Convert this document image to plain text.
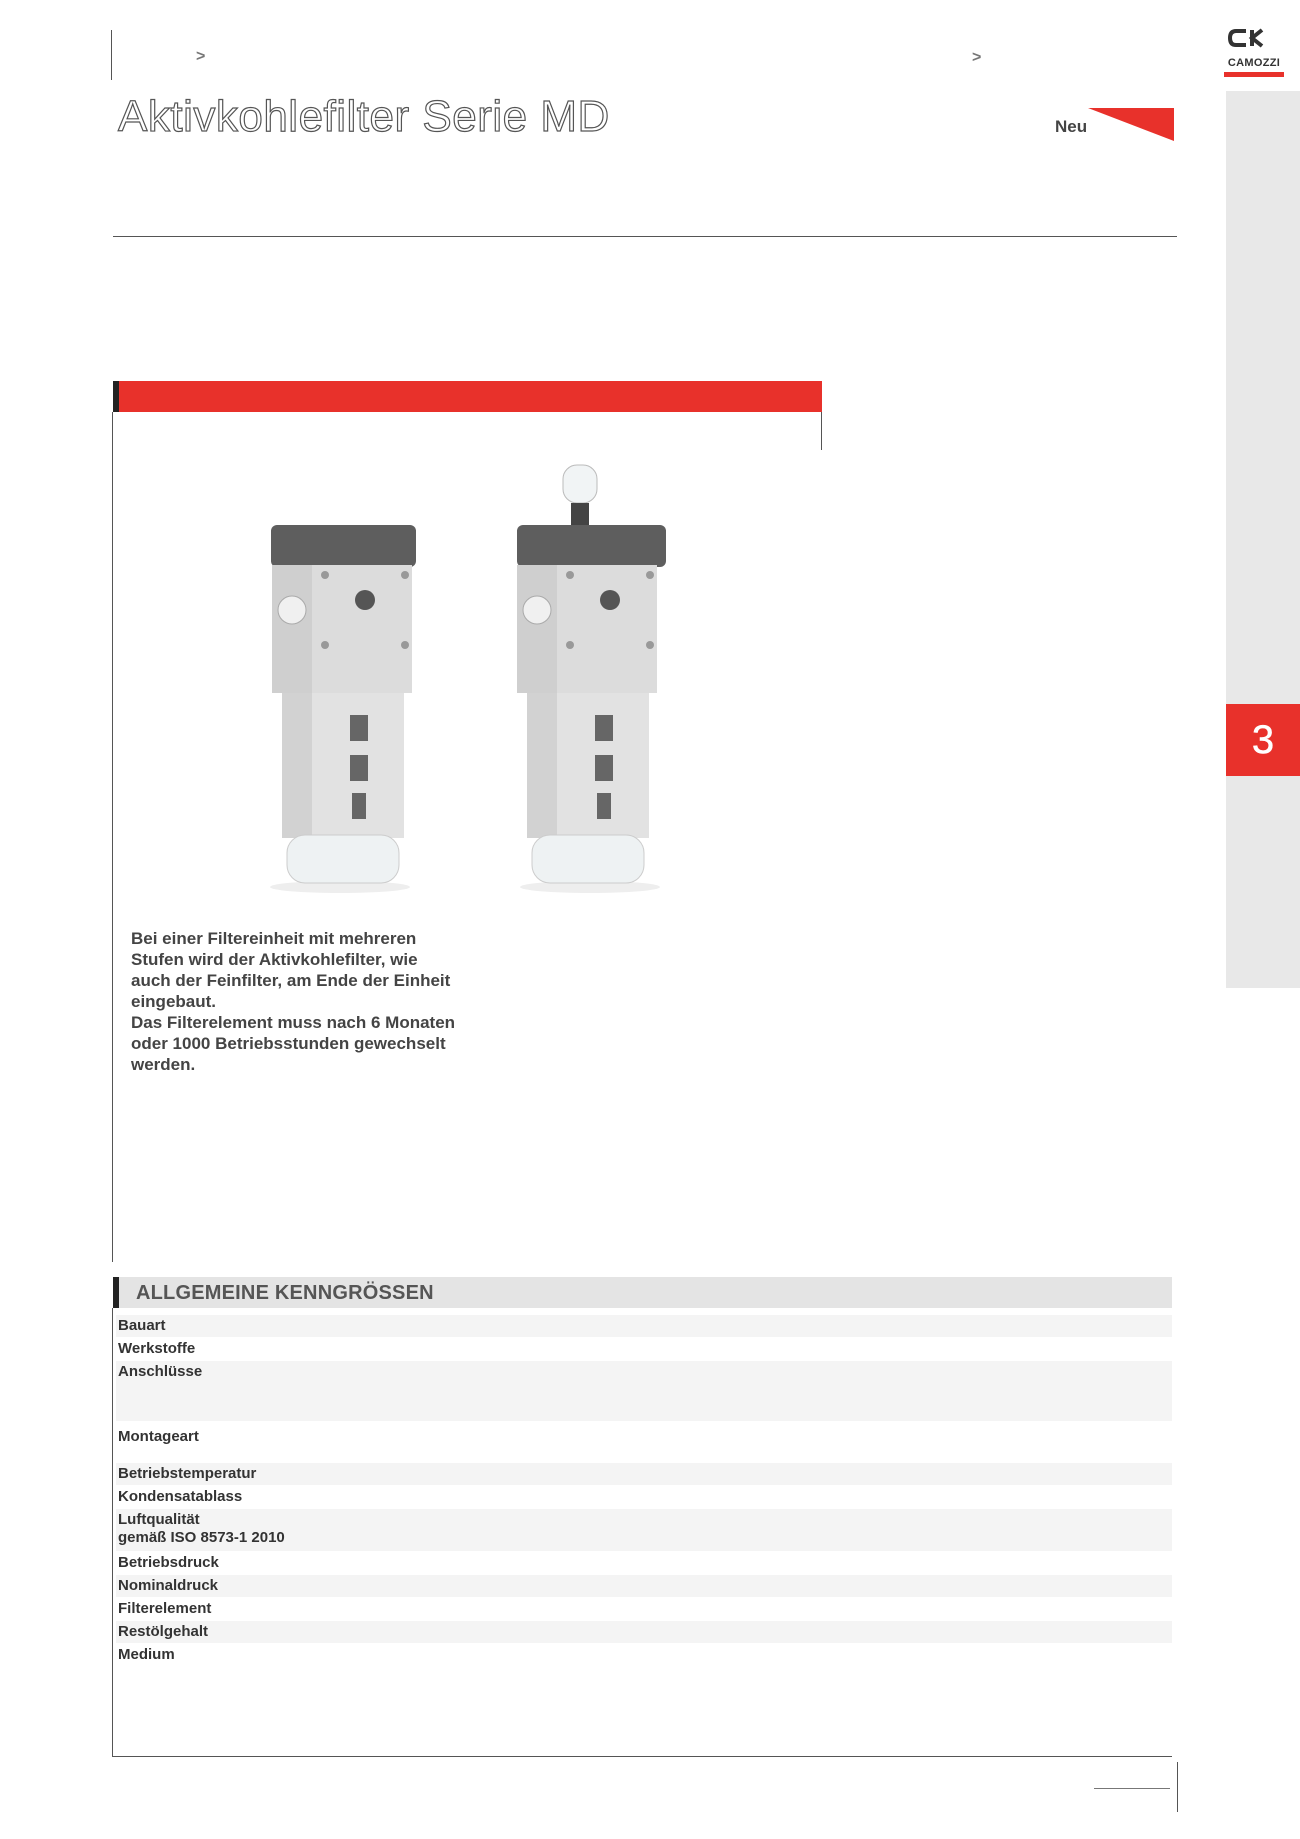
>	>	CAMOZZI
Aktivkohlefilter Serie MD	Neu
3
Bei einer Filtereinheit mit mehreren
Stufen wird der Aktivkohlefilter, wie
auch der Feinfilter, am Ende der Einheit
eingebaut.
Das Filterelement muss nach 6 Monaten
oder 1000 Betriebsstunden gewechselt
werden.
ALLGEMEINE KENNGRÖSSEN
Bauart
Werkstoffe
Anschlüsse
Montageart
Betriebstemperatur
Kondensatablass
Luftqualität
gemäß ISO 8573-1 2010
Betriebsdruck
Nominaldruck
Filterelement
Restölgehalt
Medium
